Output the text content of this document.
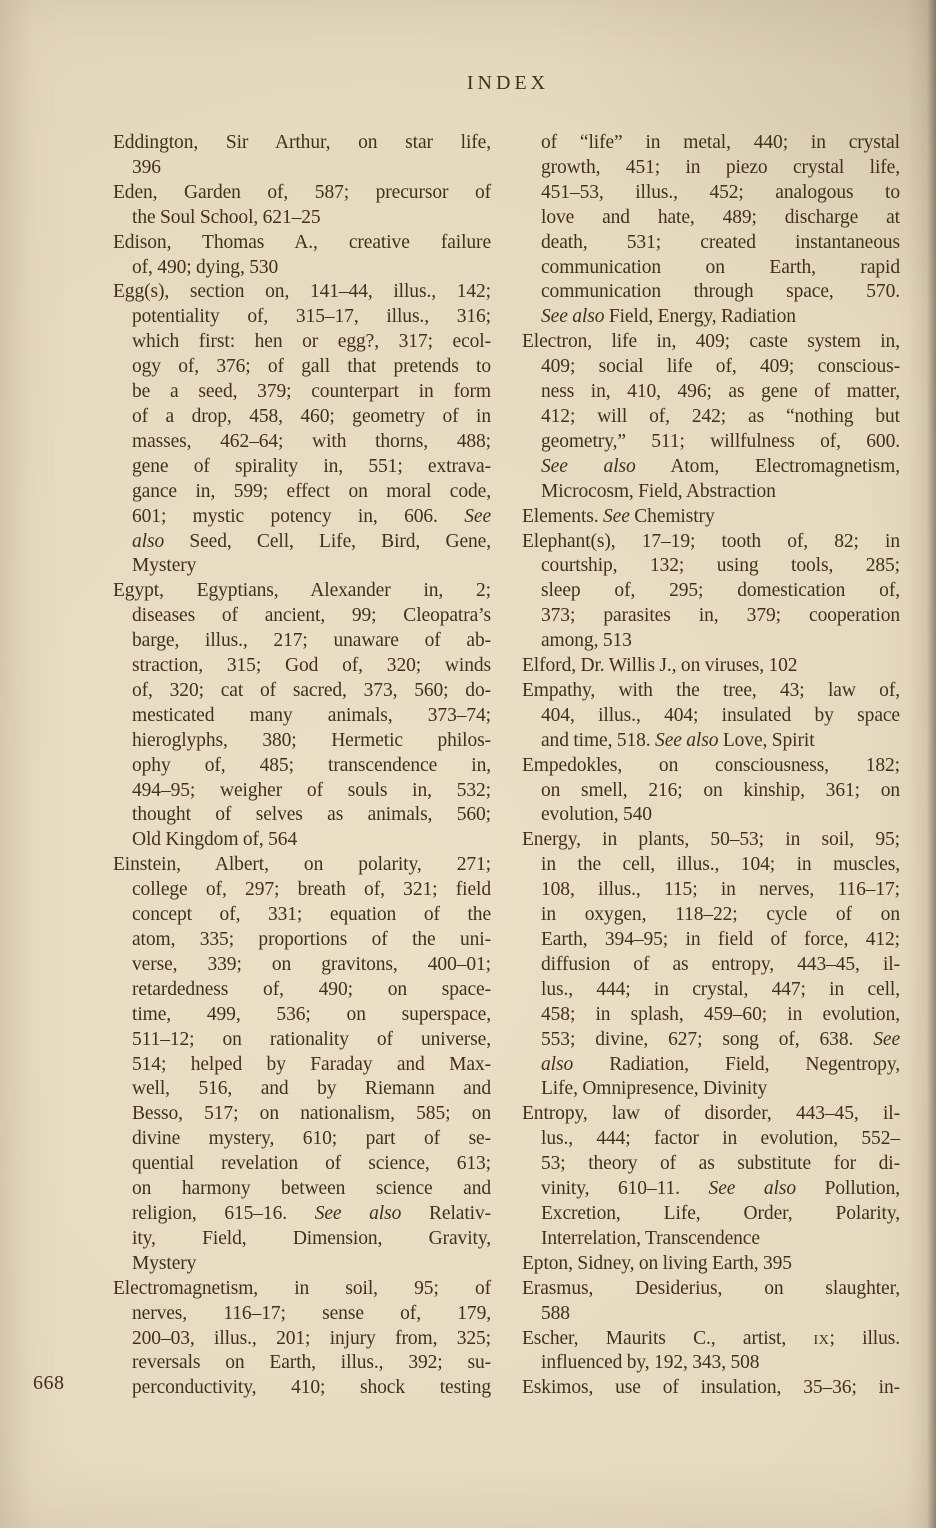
INDEX
Eddington, Sir Arthur, on star life,
396
Eden, Garden of, 587; precursor of
the Soul School, 621–25
Edison, Thomas A., creative failure
of, 490; dying, 530
Egg(s), section on, 141–44, illus., 142;
potentiality of, 315–17, illus., 316;
which first: hen or egg?, 317; ecol-
ogy of, 376; of gall that pretends to
be a seed, 379; counterpart in form
of a drop, 458, 460; geometry of in
masses, 462–64; with thorns, 488;
gene of spirality in, 551; extrava-
gance in, 599; effect on moral code,
601; mystic potency in, 606. See
also Seed, Cell, Life, Bird, Gene,
Mystery
Egypt, Egyptians, Alexander in, 2;
diseases of ancient, 99; Cleopatra’s
barge, illus., 217; unaware of ab-
straction, 315; God of, 320; winds
of, 320; cat of sacred, 373, 560; do-
mesticated many animals, 373–74;
hieroglyphs, 380; Hermetic philos-
ophy of, 485; transcendence in,
494–95; weigher of souls in, 532;
thought of selves as animals, 560;
Old Kingdom of, 564
Einstein, Albert, on polarity, 271;
college of, 297; breath of, 321; field
concept of, 331; equation of the
atom, 335; proportions of the uni-
verse, 339; on gravitons, 400–01;
retardedness of, 490; on space-
time, 499, 536; on superspace,
511–12; on rationality of universe,
514; helped by Faraday and Max-
well, 516, and by Riemann and
Besso, 517; on nationalism, 585; on
divine mystery, 610; part of se-
quential revelation of science, 613;
on harmony between science and
religion, 615–16. See also Relativ-
ity, Field, Dimension, Gravity,
Mystery
Electromagnetism, in soil, 95; of
nerves, 116–17; sense of, 179,
200–03, illus., 201; injury from, 325;
reversals on Earth, illus., 392; su-
perconductivity, 410; shock testing
of “life” in metal, 440; in crystal
growth, 451; in piezo crystal life,
451–53, illus., 452; analogous to
love and hate, 489; discharge at
death, 531; created instantaneous
communication on Earth, rapid
communication through space, 570.
See also Field, Energy, Radiation
Electron, life in, 409; caste system in,
409; social life of, 409; conscious-
ness in, 410, 496; as gene of matter,
412; will of, 242; as “nothing but
geometry,” 511; willfulness of, 600.
See also Atom, Electromagnetism,
Microcosm, Field, Abstraction
Elements. See Chemistry
Elephant(s), 17–19; tooth of, 82; in
courtship, 132; using tools, 285;
sleep of, 295; domestication of,
373; parasites in, 379; cooperation
among, 513
Elford, Dr. Willis J., on viruses, 102
Empathy, with the tree, 43; law of,
404, illus., 404; insulated by space
and time, 518. See also Love, Spirit
Empedokles, on consciousness, 182;
on smell, 216; on kinship, 361; on
evolution, 540
Energy, in plants, 50–53; in soil, 95;
in the cell, illus., 104; in muscles,
108, illus., 115; in nerves, 116–17;
in oxygen, 118–22; cycle of on
Earth, 394–95; in field of force, 412;
diffusion of as entropy, 443–45, il-
lus., 444; in crystal, 447; in cell,
458; in splash, 459–60; in evolution,
553; divine, 627; song of, 638. See
also Radiation, Field, Negentropy,
Life, Omnipresence, Divinity
Entropy, law of disorder, 443–45, il-
lus., 444; factor in evolution, 552–
53; theory of as substitute for di-
vinity, 610–11. See also Pollution,
Excretion, Life, Order, Polarity,
Interrelation, Transcendence
Epton, Sidney, on living Earth, 395
Erasmus, Desiderius, on slaughter,
588
Escher, Maurits C., artist, ix; illus.
influenced by, 192, 343, 508
Eskimos, use of insulation, 35–36; in-
668
